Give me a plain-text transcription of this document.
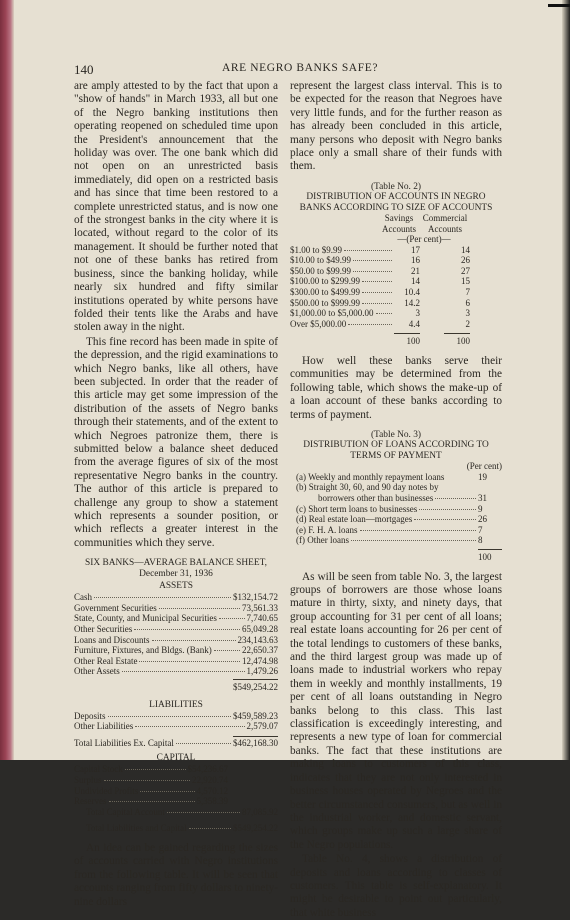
140	ARE NEGRO BANKS SAFE?

are amply attested to by the fact that upon a "show of hands" in March 1933, all but one of the Negro banking institutions then operating reopened on scheduled time upon the President's announcement that the holiday was over. The one bank which did not open on an unrestricted basis immediately, did open on a restricted basis and has since that time been restored to a complete unrestricted status, and is now one of the strongest banks in the city where it is located, without regard to the color of its management. It should be further noted that not one of these banks has retired from business, since the banking holiday, while nearly six hundred and fifty similar institutions operated by white persons have folded their tents like the Arabs and have stolen away in the night.

This fine record has been made in spite of the depression, and the rigid examinations to which Negro banks, like all others, have been subjected. In order that the reader of this article may get some impression of the distribution of the assets of Negro banks through their statements, and of the extent to which Negroes patronize them, there is submitted below a balance sheet deduced from the average figures of six of the most representative Negro banks in the country. The author of this article is prepared to challenge any group to show a statement which represents a sounder position, or which reflects a greater interest in the communities which they serve.

SIX BANKS—AVERAGE BALANCE SHEET,
December 31, 1936
ASSETS
Cash	$132,154.72
Government Securities	73,561.33
State, County, and Municipal Securities	7,740.65
Other Securities	65,049.28
Loans and Discounts	234,143.63
Furniture, Fixtures, and Bldgs. (Bank)	22,650.37
Other Real Estate	12,474.98
Other Assets	1,479.26
$549,254.22
LIABILITIES
Deposits	$459,589.23
Other Liabilities	2,579.07
Total Liabilities Ex. Capital	$462,168.30
CAPITAL
Capital Stock	$54,236.67
Surplus	22,920.74
Undivided Profits	4,570.12
Reserves	5,358.39
Total Capital Account	87,085.92
Total Liabilities and Capital	$549,254.22

An idea can be gained regarding the sizes of accounts carried with Negro institutions from the following table. It will be seen that accounts ranging from fifty dollars to ninety-nine dollars

represent the largest class interval. This is to be expected for the reason that Negroes have very little funds, and for the further reason as has already been concluded in this article, many persons who deposit with Negro banks place only a small share of their funds with them.

(Table No. 2)
DISTRIBUTION OF ACCOUNTS IN NEGRO
BANKS ACCORDING TO SIZE OF ACCOUNTS
Savings
Accounts
Commercial
Accounts
—(Per cent)—
$1.00 to $9.99	17	14
$10.00 to $49.99	16	26
$50.00 to $99.99	21	27
$100.00 to $299.99	14	15
$300.00 to $499.99	10.4	7
$500.00 to $999.99	14.2	6
$1,000.00 to $5,000.00	3	3
Over $5,000.00	4.4	2
100	100

How well these banks serve their communities may be determined from the following table, which shows the make-up of a loan account of these banks according to terms of payment.

(Table No. 3)
DISTRIBUTION OF LOANS ACCORDING TO
TERMS OF PAYMENT
(Per cent)
(a) Weekly and monthly repayment loans	19
(b) Straight 30, 60, and 90 day notes by
borrowers other than businesses	31
(c) Short term loans to businesses	9
(d) Real estate loan—mortgages	26
(e) F. H. A. loans	7
(f) Other loans	8
100

As will be seen from table No. 3, the largest groups of borrowers are those whose loans mature in thirty, sixty, and ninety days, that group accounting for 31 per cent of all loans; real estate loans accounting for 26 per cent of the total lendings to customers of these banks, and the third largest group was made up of loans made to industrial workers who repay them in weekly and monthly installments, 19 per cent of all loans outstanding in Negro banks belong to this class. This last classification is exceedingly interesting, and represents a new type of loan for commercial banks. The fact that these institutions are making loans to customers of this class, indicates that they are not only interested in business houses operated by Negroes and the better circumstanced consumers, but as well in the industrial worker, and domestic servant, which groups make up such a large share of the Negro populations.

Table No. 4, shows a distribution of deposits and loans according to classes of customers. This table is self-explanatory. It might be desirable to point out particularly, that white business
